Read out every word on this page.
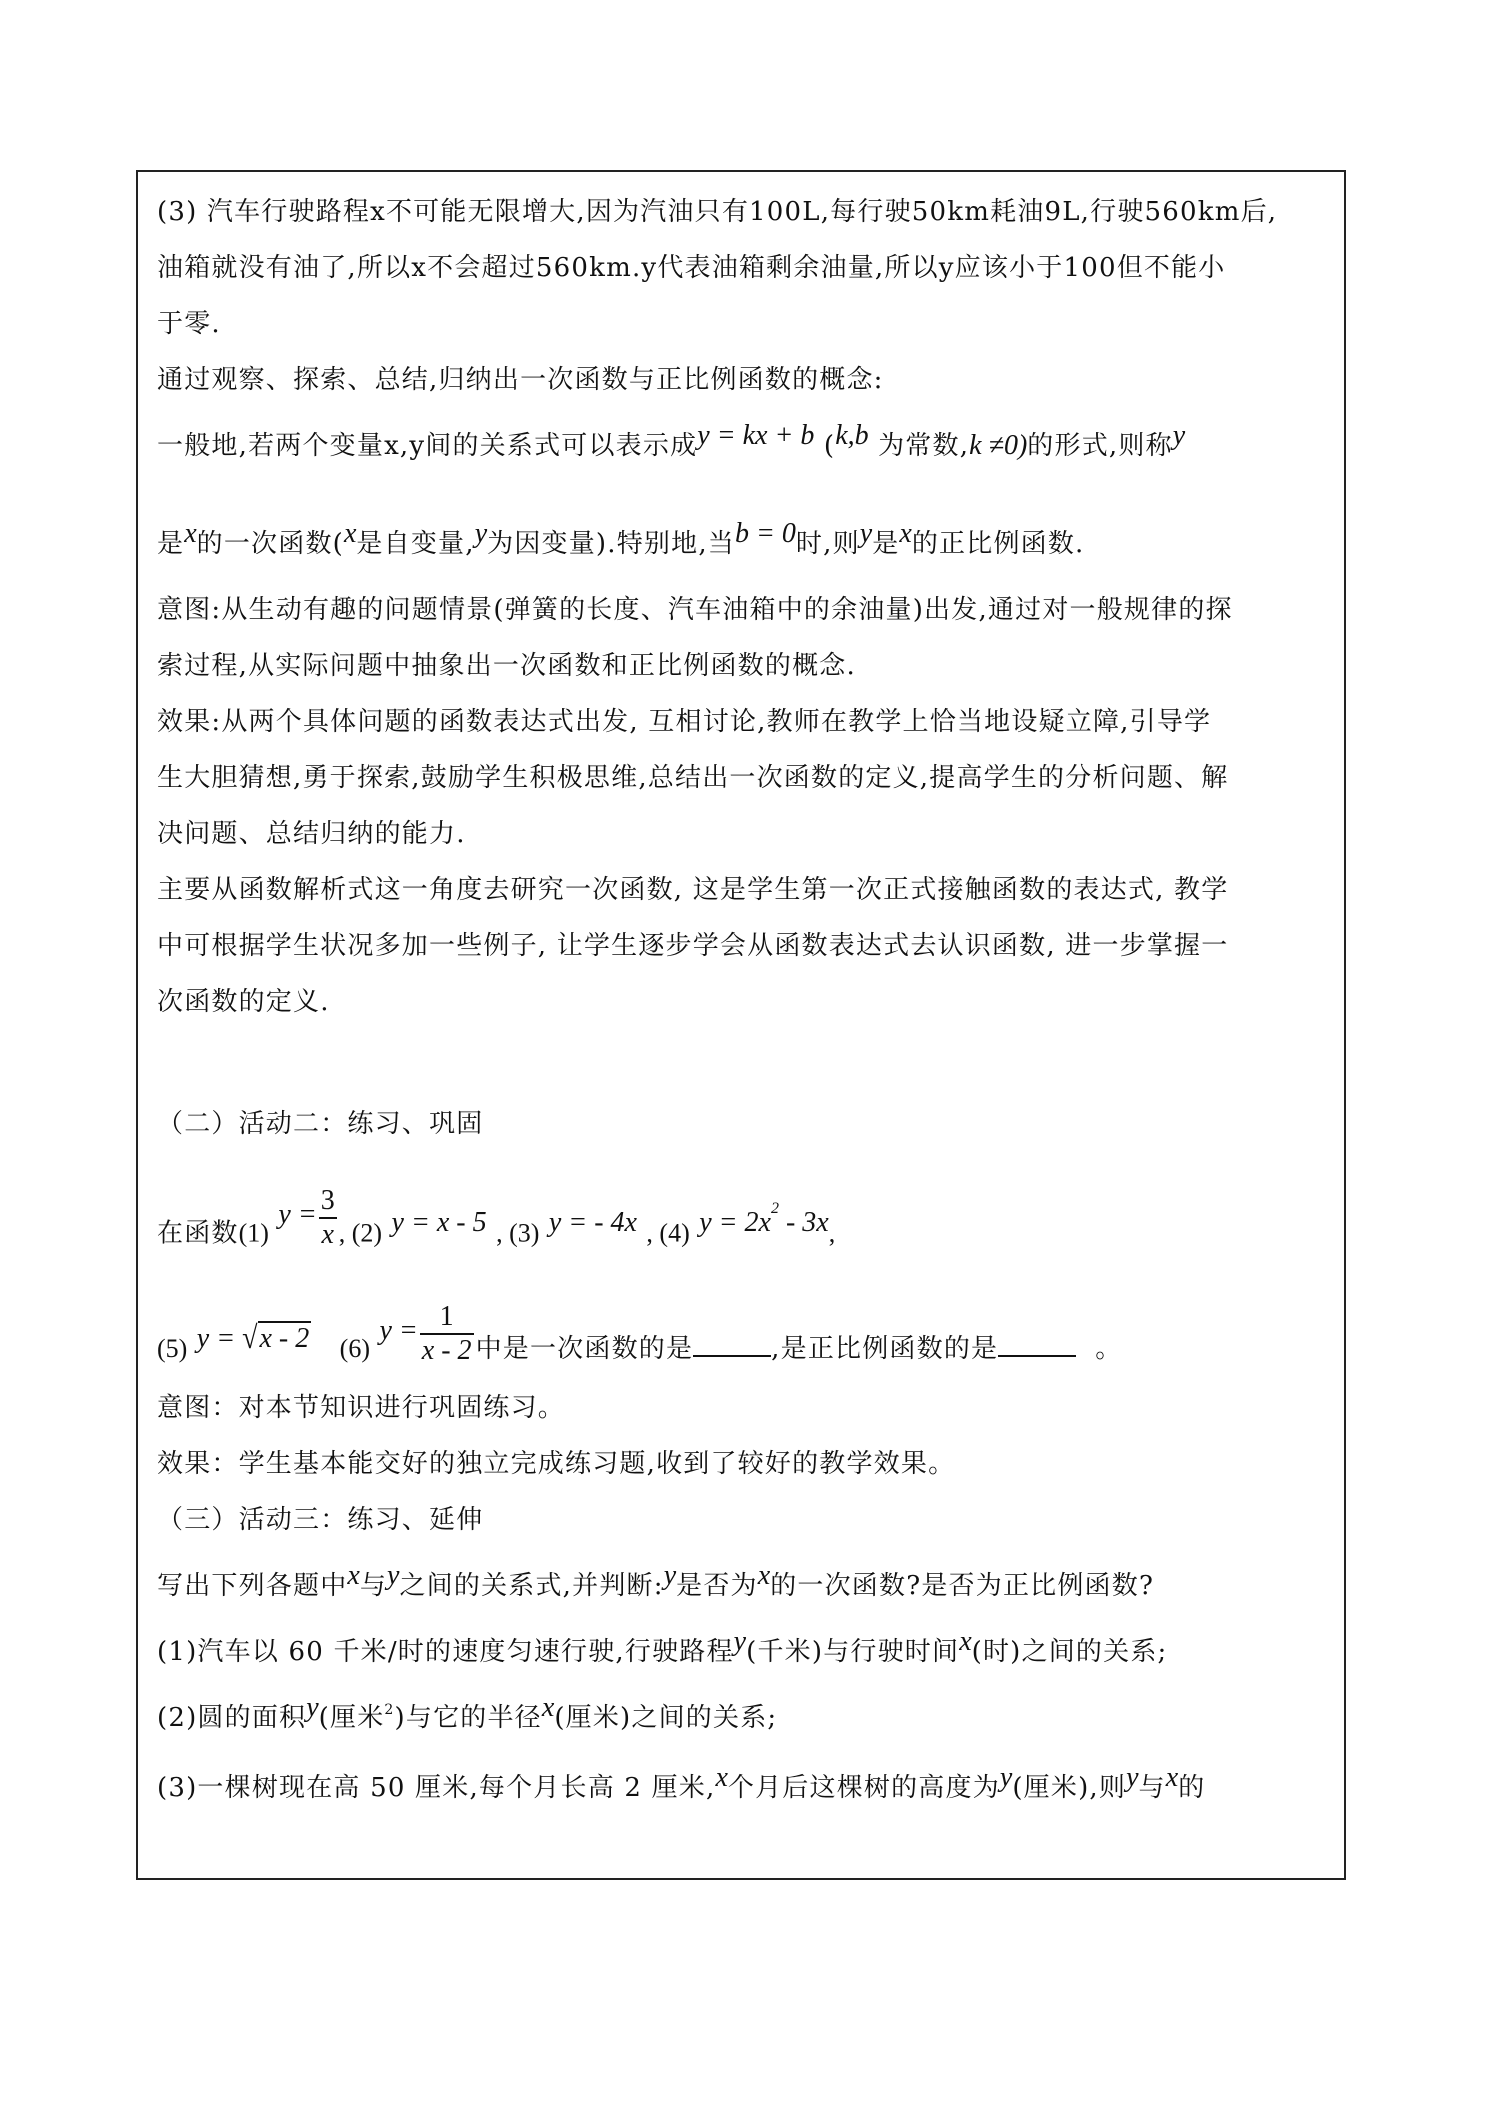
(3) 汽车行驶路程x不可能无限增大,因为汽油只有100L,每行驶50km耗油9L,行驶560km后,
油箱就没有油了,所以x不会超过560km.y代表油箱剩余油量,所以y应该小于100但不能小
于零.
通过观察、探索、总结,归纳出一次函数与正比例函数的概念:
一般地,若两个变量x,y间的关系式可以表示成y = kx + b (k,b 为常数,k ≠0)的形式,则称y
是x的一次函数(x是自变量,y为因变量).特别地,当b = 0时,则y是x的正比例函数.
意图:从生动有趣的问题情景(弹簧的长度、汽车油箱中的余油量)出发,通过对一般规律的探
索过程,从实际问题中抽象出一次函数和正比例函数的概念.
效果:从两个具体问题的函数表达式出发, 互相讨论,教师在教学上恰当地设疑立障,引导学
生大胆猜想,勇于探索,鼓励学生积极思维,总结出一次函数的定义,提高学生的分析问题、解
决问题、总结归纳的能力.
主要从函数解析式这一角度去研究一次函数, 这是学生第一次正式接触函数的表达式, 教学
中可根据学生状况多加一些例子, 让学生逐步学会从函数表达式去认识函数, 进一步掌握一
次函数的定义.
（二）活动二：练习、巩固
在函数(1) $y = \frac{3}{x}$ , (2) y = x - 5 , (3) y = - 4x , (4) $y = 2x^2 - 3x$,
(5) y = √x - 2 (6) $y = \frac{1}{x - 2}$ 中是一次函数的是	,是正比例函数的是	。
意图：对本节知识进行巩固练习。
效果：学生基本能交好的独立完成练习题,收到了较好的教学效果。
（三）活动三：练习、延伸
写出下列各题中x与y之间的关系式,并判断:y是否为x的一次函数?是否为正比例函数?
(1)汽车以 60 千米/时的速度匀速行驶,行驶路程y(千米)与行驶时间x(时)之间的关系;
(2)圆的面积y(厘米$^2$)与它的半径x(厘米)之间的关系;
(3)一棵树现在高 50 厘米,每个月长高 2 厘米,x个月后这棵树的高度为y(厘米),则y与x的
